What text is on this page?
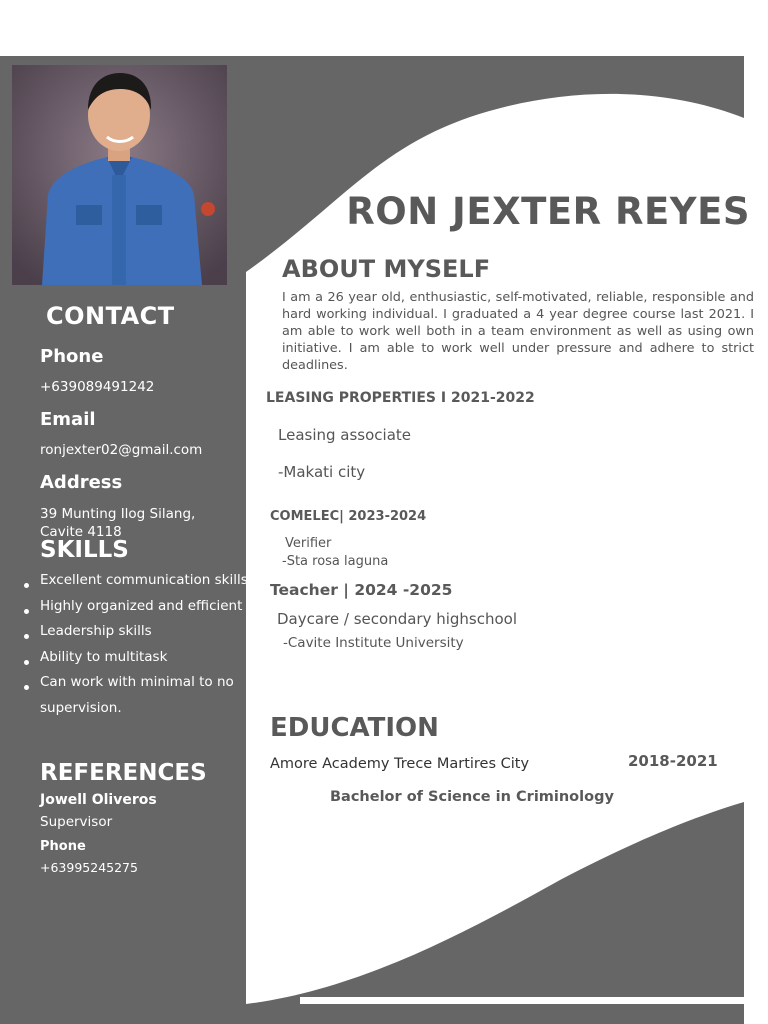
CONTACT
Phone
+639089491242
Email
ronjexter02@gmail.com
Address
39 Munting Ilog Silang,
Cavite 4118
SKILLS
Excellent communication skills
Highly organized and efficient
Leadership skills
Ability to multitask
Can work with minimal to no
supervision.
REFERENCES
Jowell Oliveros
Supervisor
Phone
+63995245275
RON JEXTER REYES
ABOUT MYSELF
I am a 26 year old, enthusiastic, self-motivated, reliable, responsible and hard working individual. I graduated a 4 year degree course last 2021. I am able to work well both in a team environment as well as using own initiative. I am able to work well under pressure and adhere to strict deadlines.
LEASING PROPERTIES I 2021-2022
Leasing associate
-Makati city
COMELEC| 2023-2024
Verifier
-Sta rosa laguna
Teacher | 2024 -2025
Daycare / secondary highschool
-Cavite Institute University
EDUCATION
Amore Academy Trece Martires City	2018-2021
Bachelor of Science in Criminology
